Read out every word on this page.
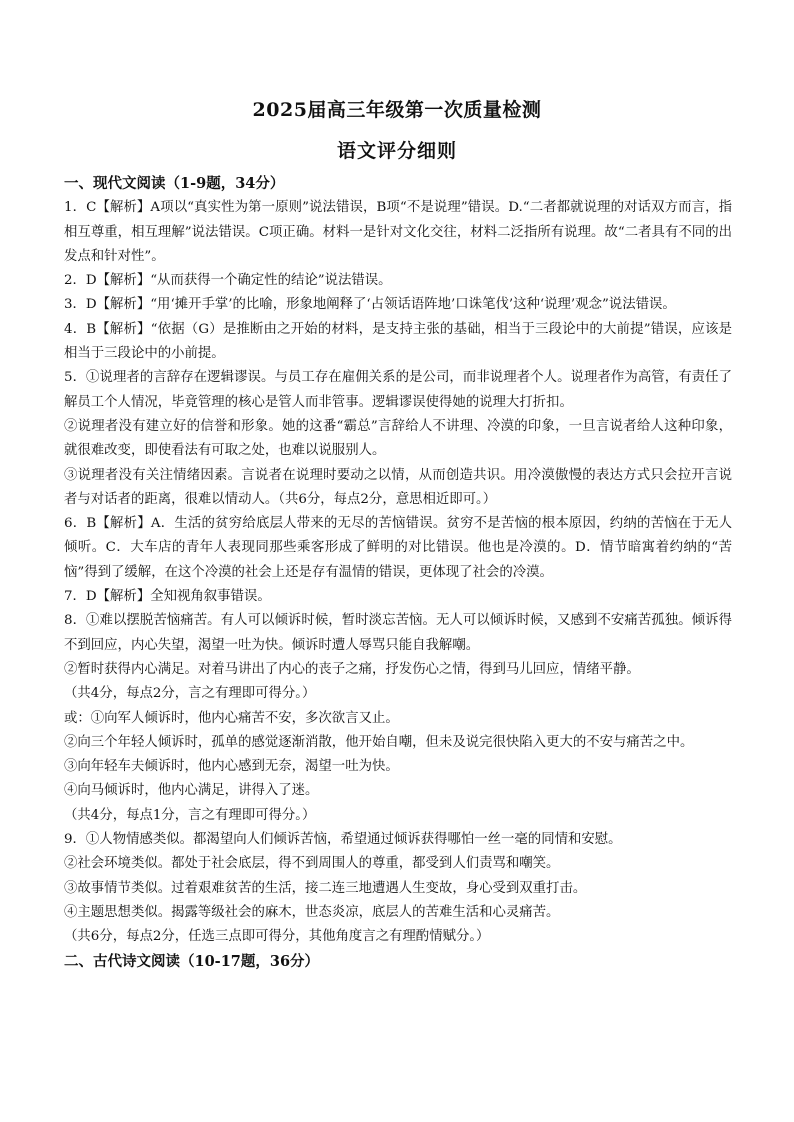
2025届高三年级第一次质量检测
语文评分细则

一、现代文阅读（1-9题，34分）

1．C【解析】A项以“真实性为第一原则”说法错误，B项“不是说理”错误。D.“二者都就说理的对话双方而言，指相互尊重，相互理解”说法错误。C项正确。材料一是针对文化交往，材料二泛指所有说理。故“二者具有不同的出发点和针对性”。

2．D【解析】“从而获得一个确定性的结论”说法错误。

3．D【解析】“用‘摊开手掌’的比喻，形象地阐释了‘占领话语阵地’口诛笔伐’这种‘说理’观念”说法错误。

4．B【解析】“依据（G）是推断由之开始的材料，是支持主张的基础，相当于三段论中的大前提”错误，应该是相当于三段论中的小前提。

5．①说理者的言辞存在逻辑谬误。与员工存在雇佣关系的是公司，而非说理者个人。说理者作为高管，有责任了解员工个人情况，毕竟管理的核心是管人而非管事。逻辑谬误使得她的说理大打折扣。

②说理者没有建立好的信誉和形象。她的这番“霸总”言辞给人不讲理、冷漠的印象，一旦言说者给人这种印象，就很难改变，即使看法有可取之处，也难以说服别人。

③说理者没有关注情绪因素。言说者在说理时要动之以情，从而创造共识。用冷漠傲慢的表达方式只会拉开言说者与对话者的距离，很难以情动人。（共6分，每点2分，意思相近即可。）

6．B【解析】A．生活的贫穷给底层人带来的无尽的苦恼错误。贫穷不是苦恼的根本原因，约纳的苦恼在于无人倾听。C．大车店的青年人表现同那些乘客形成了鲜明的对比错误。他也是冷漠的。D．情节暗寓着约纳的“苦恼”得到了缓解，在这个冷漠的社会上还是存有温情的错误，更体现了社会的冷漠。

7．D【解析】全知视角叙事错误。

8．①难以摆脱苦恼痛苦。有人可以倾诉时候，暂时淡忘苦恼。无人可以倾诉时候，又感到不安痛苦孤独。倾诉得不到回应，内心失望，渴望一吐为快。倾诉时遭人辱骂只能自我解嘲。

②暂时获得内心满足。对着马讲出了内心的丧子之痛，抒发伤心之情，得到马儿回应，情绪平静。

（共4分，每点2分，言之有理即可得分。）

或：①向军人倾诉时，他内心痛苦不安，多次欲言又止。

②向三个年轻人倾诉时，孤单的感觉逐渐消散，他开始自嘲，但未及说完很快陷入更大的不安与痛苦之中。

③向年轻车夫倾诉时，他内心感到无奈，渴望一吐为快。

④向马倾诉时，他内心满足，讲得入了迷。

（共4分，每点1分，言之有理即可得分。）

9．①人物情感类似。都渴望向人们倾诉苦恼，希望通过倾诉获得哪怕一丝一毫的同情和安慰。

②社会环境类似。都处于社会底层，得不到周围人的尊重，都受到人们责骂和嘲笑。

③故事情节类似。过着艰难贫苦的生活，接二连三地遭遇人生变故，身心受到双重打击。

④主题思想类似。揭露等级社会的麻木，世态炎凉，底层人的苦难生活和心灵痛苦。

（共6分，每点2分，任选三点即可得分，其他角度言之有理酌情赋分。）

二、古代诗文阅读（10-17题，36分）
